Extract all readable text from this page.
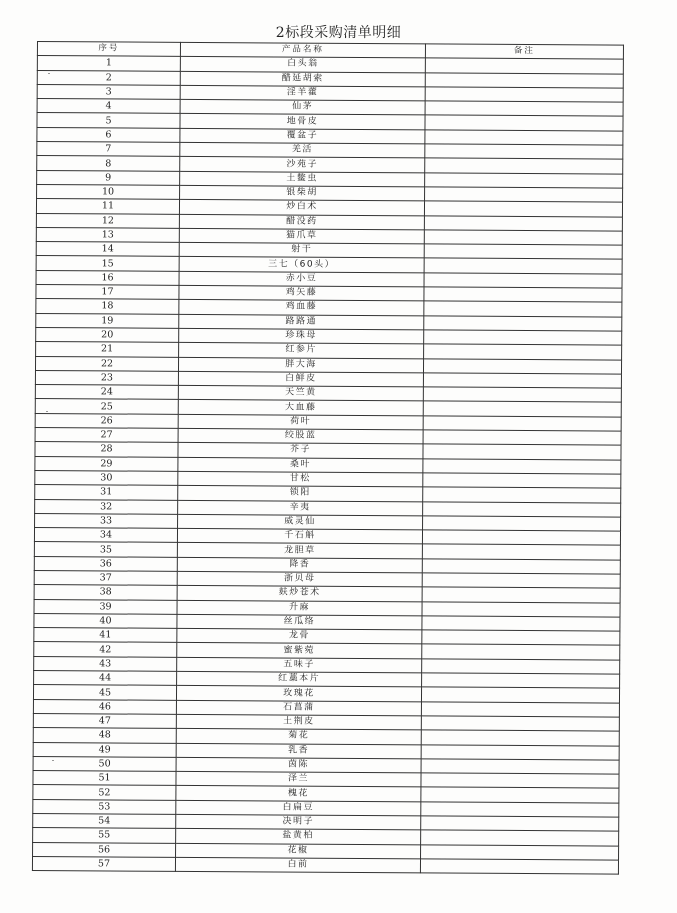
2标段采购清单明细
序号	产品名称	备注
1	白头翁	
2	醋延胡索	
3	淫羊藿	
4	仙茅	
5	地骨皮	
6	覆盆子	
7	羌活	
8	沙苑子	
9	土鳖虫	
10	银柴胡	
11	炒白术	
12	醋没药	
13	猫爪草	
14	射干	
15	三七（60头）	
16	赤小豆	
17	鸡矢藤	
18	鸡血藤	
19	路路通	
20	珍珠母	
21	红参片	
22	胖大海	
23	白鲜皮	
24	天竺黄	
25	大血藤	
26	荷叶	
27	绞股蓝	
28	芥子	
29	桑叶	
30	甘松	
31	锁阳	
32	辛夷	
33	威灵仙	
34	千石斛	
35	龙胆草	
36	降香	
37	浙贝母	
38	麸炒苍术	
39	升麻	
40	丝瓜络	
41	龙骨	
42	蜜紫菀	
43	五味子	
44	红藁本片	
45	玫瑰花	
46	石菖蒲	
47	土荆皮	
48	菊花	
49	乳香	
50	茵陈	
51	泽兰	
52	槐花	
53	白扁豆	
54	决明子	
55	盐黄柏	
56	花椒	
57	白前	
